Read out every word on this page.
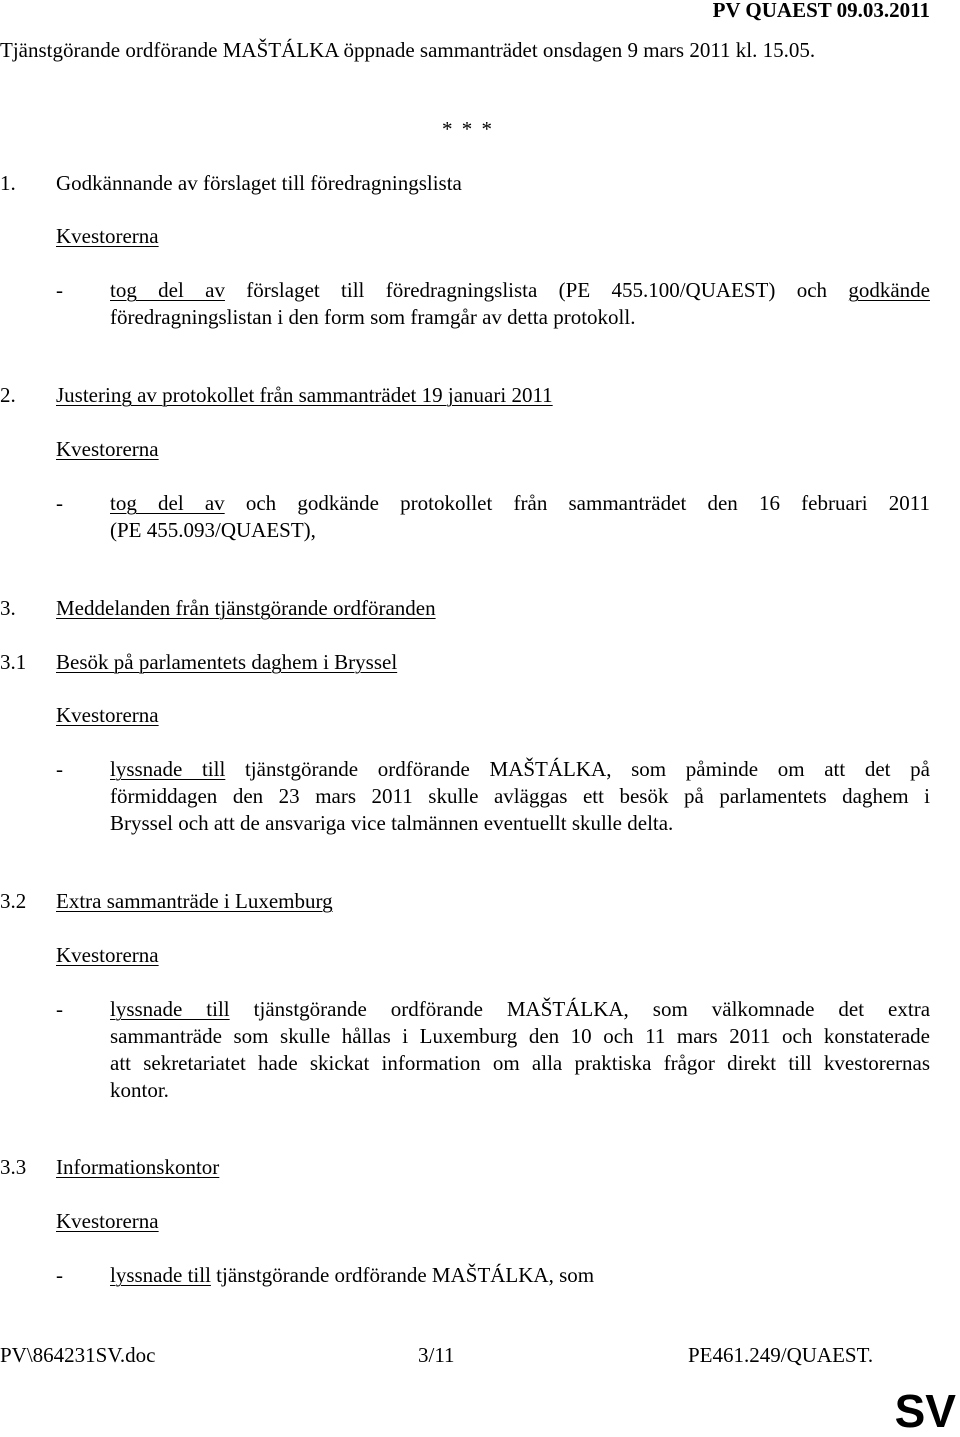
PV QUAEST 09.03.2011
Tjänstgörande ordförande MAŠTÁLKA öppnade sammanträdet onsdagen 9 mars 2011 kl. 15.05.
* * *
1. Godkännande av förslaget till föredragningslista
Kvestorerna
- tog del av förslaget till föredragningslista (PE 455.100/QUAEST) och godkände
föredragningslistan i den form som framgår av detta protokoll.
2. Justering av protokollet från sammanträdet 19 januari 2011
Kvestorerna
- tog del av och godkände protokollet från sammanträdet den 16 februari 2011
(PE 455.093/QUAEST),
3. Meddelanden från tjänstgörande ordföranden
3.1 Besök på parlamentets daghem i Bryssel
Kvestorerna
- lyssnade till tjänstgörande ordförande MAŠTÁLKA, som påminde om att det på
förmiddagen den 23 mars 2011 skulle avläggas ett besök på parlamentets daghem i
Bryssel och att de ansvariga vice talmännen eventuellt skulle delta.
3.2 Extra sammanträde i Luxemburg
Kvestorerna
- lyssnade till tjänstgörande ordförande MAŠTÁLKA, som välkomnade det extra
sammanträde som skulle hållas i Luxemburg den 10 och 11 mars 2011 och konstaterade
att sekretariatet hade skickat information om alla praktiska frågor direkt till kvestorernas
kontor.
3.3 Informationskontor
Kvestorerna
- lyssnade till tjänstgörande ordförande MAŠTÁLKA, som
PV\864231SV.doc	3/11	PE461.249/QUAEST.
SV
